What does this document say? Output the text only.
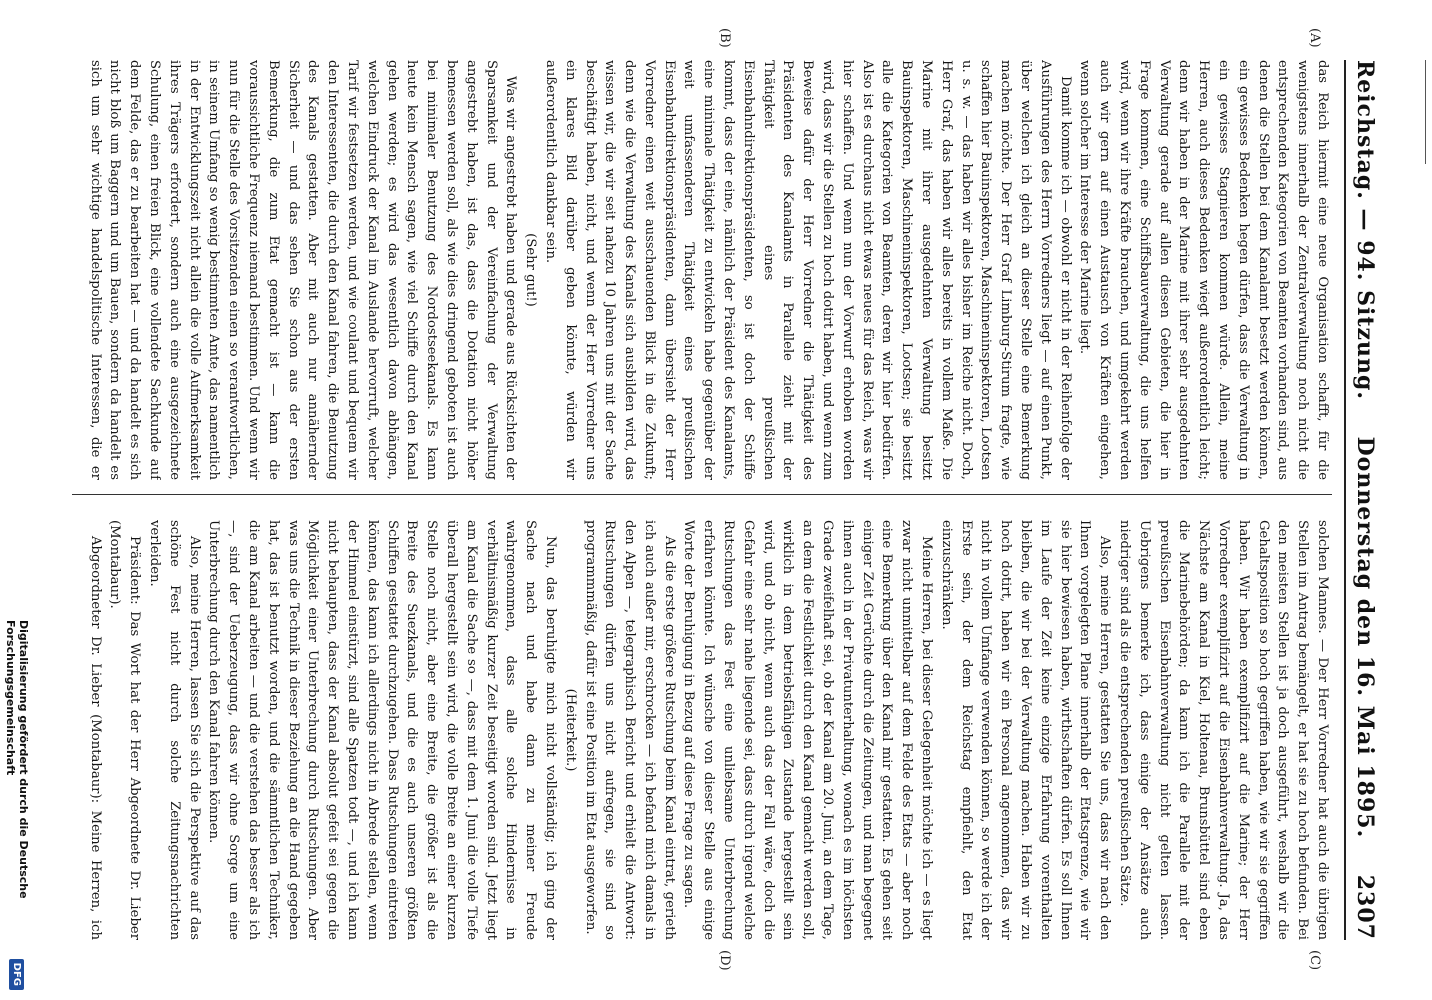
Reichstag. — 94. Sitzung.
Donnerstag den 16. Mai 1895.
2307
(A)
(B)
(C)
(D)

das Reich hiermit eine neue Organisation schafft, für die wenigstens innerhalb der Zentralverwaltung noch nicht die entsprechenden Kategorien von Beamten vorhanden sind, aus denen die Stellen bei dem Kanalamt besetzt werden können, ein gewisses Bedenken hegen dürfen, dass die Verwaltung in ein gewisses Stagnieren kommen würde. Allein, meine Herren, auch dieses Bedenken wiegt außerordentlich leicht; denn wir haben in der Marine mit ihrer sehr ausgedehnten Verwaltung gerade auf allen diesen Gebieten, die hier in Frage kommen, eine Schiffsbauverwaltung, die uns helfen wird, wenn wir ihre Kräfte brauchen, und umgekehrt werden auch wir gern auf einen Austausch von Kräften eingehen, wenn solcher im Interesse der Marine liegt.

Damit komme ich — obwohl er nicht in der Reihenfolge der Ausführungen des Herrn Vorredners liegt — auf einen Punkt, über welchen ich gleich an dieser Stelle eine Bemerkung machen möchte. Der Herr Graf Limburg-Stirum fragte, wie schaffen hier Bauinspektoren, Maschineninspektoren, Lootsen u. s. w. — das haben wir alles bisher im Reiche nicht. Doch, Herr Graf, das haben wir alles bereits in vollem Maße. Die Marine mit ihrer ausgedehnten Verwaltung besitzt Bauinspektoren, Maschineninspektoren, Lootsen; sie besitzt alle die Kategorien von Beamten, deren wir hier bedürfen. Also ist es durchaus nicht etwas neues für das Reich, was wir hier schaffen. Und wenn nun der Vorwurf erhoben worden wird, dass wir die Stellen zu hoch dotirt haben, und wenn zum Beweise dafür der Herr Vorredner die Thätigkeit des Präsidenten des Kanalamts in Parallele zieht mit der Thätigkeit eines preußischen Eisenbahndirektionspräsidenten, so ist doch der Schiffe kommt, dass der eine, nämlich der Präsident des Kanalamts, eine minimale Thätigkeit zu entwickeln habe gegenüber der weit umfassenderen Thätigkeit eines preußischen Eisenbahndirektionspräsidenten, dann übersieht der Herr Vorredner einen weit ausschauenden Blick in die Zukunft; denn wie die Verwaltung des Kanals sich ausbilden wird, das wissen wir, die wir seit nahezu 10 Jahren uns mit der Sache beschäftigt haben, nicht, und wenn der Herr Vorredner uns ein klares Bild darüber geben könnte, würden wir außerordentlich dankbar sein.

(Sehr gut!)

Was wir angestrebt haben und gerade aus Rücksichten der Sparsamkeit und der Vereinfachung der Verwaltung angestrebt haben, ist das, dass die Dotation nicht höher bemessen werden soll, als wie dies dringend geboten ist auch bei minimaler Benutzung des Nordostseekanals. Es kann heute kein Mensch sagen, wie viel Schiffe durch den Kanal gehen werden; es wird das wesentlich davon abhängen, welchen Eindruck der Kanal im Auslande hervorruft, welcher Tarif wir festsetzen werden, und wie coulant und bequem wir den Interessenten, die durch den Kanal fahren, die Benutzung des Kanals gestatten. Aber mit auch nur annähernder Sicherheit — und das sehen Sie schon aus der ersten Bemerkung, die zum Etat gemacht ist — kann die voraussichtliche Frequenz niemand bestimmen. Und wenn wir nun für die Stelle des Vorsitzenden einen so verantwortlichen, in seinem Umfang so wenig bestimmten Amte, das namentlich in der Entwicklungszeit nicht allein die volle Aufmerksamkeit ihres Trägers erfordert, sondern auch eine ausgezeichnete Schulung, einen freien Blick, eine vollendete Sachkunde auf dem Felde, das er zu bearbeiten hat — und da handelt es sich nicht bloß um Baggern und um Bauen, sondern da handelt es sich um sehr wichtige handelspolitische Interessen, die er

solchen Mannes. — Der Herr Vorredner hat auch die übrigen Stellen im Antrag bemängelt, er hat sie zu hoch befunden. Bei den meisten Stellen ist ja doch ausgeführt, weshalb wir die Gehaltsposition so hoch gegriffen haben, wie wir sie gegriffen haben. Wir haben exemplifizirt auf die Marine; der Herr Vorredner exemplifizirt auf die Eisenbahnverwaltung. Ja, das Nächste am Kanal in Kiel, Holtenau, Brunsbüttel sind eben die Marinebehörden; da kann ich die Parallele mit der preußischen Eisenbahnverwaltung nicht gelten lassen. Uebrigens bemerke ich, dass einige der Ansätze auch niedriger sind als die entsprechenden preußischen Sätze.

Also, meine Herren, gestatten Sie uns, dass wir nach den Ihnen vorgelegten Plane innerhalb der Etatsgrenze, wie wir sie hier bewiesen haben, wirthschaften dürfen. Es soll Ihnen im Laufe der Zeit keine einzige Erfahrung vorenthalten bleiben, die wir bei der Verwaltung machen. Haben wir zu hoch dotirt, haben wir ein Personal angenommen, das wir nicht in vollem Umfange verwenden können, so werde ich der Erste sein, der dem Reichstag empfiehlt, den Etat einzuschränken.

Meine Herren, bei dieser Gelegenheit möchte ich — es liegt zwar nicht unmittelbar auf dem Felde des Etats — aber noch eine Bemerkung über den Kanal mir gestatten. Es gehen seit einiger Zeit Gerüchte durch die Zeitungen, und man begegnet ihnen auch in der Privatunterhaltung, wonach es im höchsten Grade zweifelhaft sei, ob der Kanal am 20. Juni, an dem Tage, an dem die Festlichkeit durch den Kanal gemacht werden soll, wirklich in dem betriebsfähigen Zustande hergestellt sein wird, und ob nicht, wenn auch das der Fall wäre, doch die Gefahr eine sehr nahe liegende sei, dass durch irgend welche Rutschungen das Fest eine unliebsame Unterbrechung erfahren könnte. Ich wünsche von dieser Stelle aus einige Worte der Beruhigung in Bezug auf diese Frage zu sagen.

Als die erste größere Rutschung beim Kanal eintrat, gerieth ich auch außer mir, erschrocken — ich befand mich damals in den Alpen —, telegraphisch Bericht und erhielt die Antwort: Rutschungen dürfen uns nicht aufregen, sie sind so programmmäßig, dafür ist eine Position im Etat ausgeworfen.

(Heiterkeit.)

Nun, das beruhigte mich nicht vollständig; ich ging der Sache nach und habe dann zu meiner Freude wahrgenommen, dass alle solche Hindernisse in verhältnismäßig kurzer Zeit beseitigt worden sind. Jetzt liegt am Kanal die Sache so —, dass mit dem 1. Juni die volle Tiefe überall hergestellt sein wird, die volle Breite an einer kurzen Stelle noch nicht, aber eine Breite, die größer ist als die Breite des Suezkanals, und die es auch unseren größten Schiffen gestattet durchzugehen. Dass Rutschungen eintreten können, das kann ich allerdings nicht in Abrede stellen, wenn der Himmel einstürzt, sind alle Spatzen todt —, und ich kann nicht behaupten, dass der Kanal absolut gefeit sei gegen die Möglichkeit einer Unterbrechung durch Rutschungen. Aber was uns die Technik in dieser Beziehung an die Hand gegeben hat, das ist benutzt worden, und die sämmtlichen Techniker, die am Kanal arbeiten — und die verstehen das besser als ich —, sind der Ueberzeugung, dass wir ohne Sorge um eine Unterbrechung durch den Kanal fahren können.

Also, meine Herren, lassen Sie sich die Perspektive auf das schöne Fest nicht durch solche Zeitungsnachrichten verleiden.

Präsident: Das Wort hat der Herr Abgeordnete Dr. Lieber (Montabaur).

Abgeordneter Dr. Lieber (Montabaur): Meine Herren, ich

Digitalisierung gefördert durch die Deutsche Forschungsgemeinschaft
DFG
